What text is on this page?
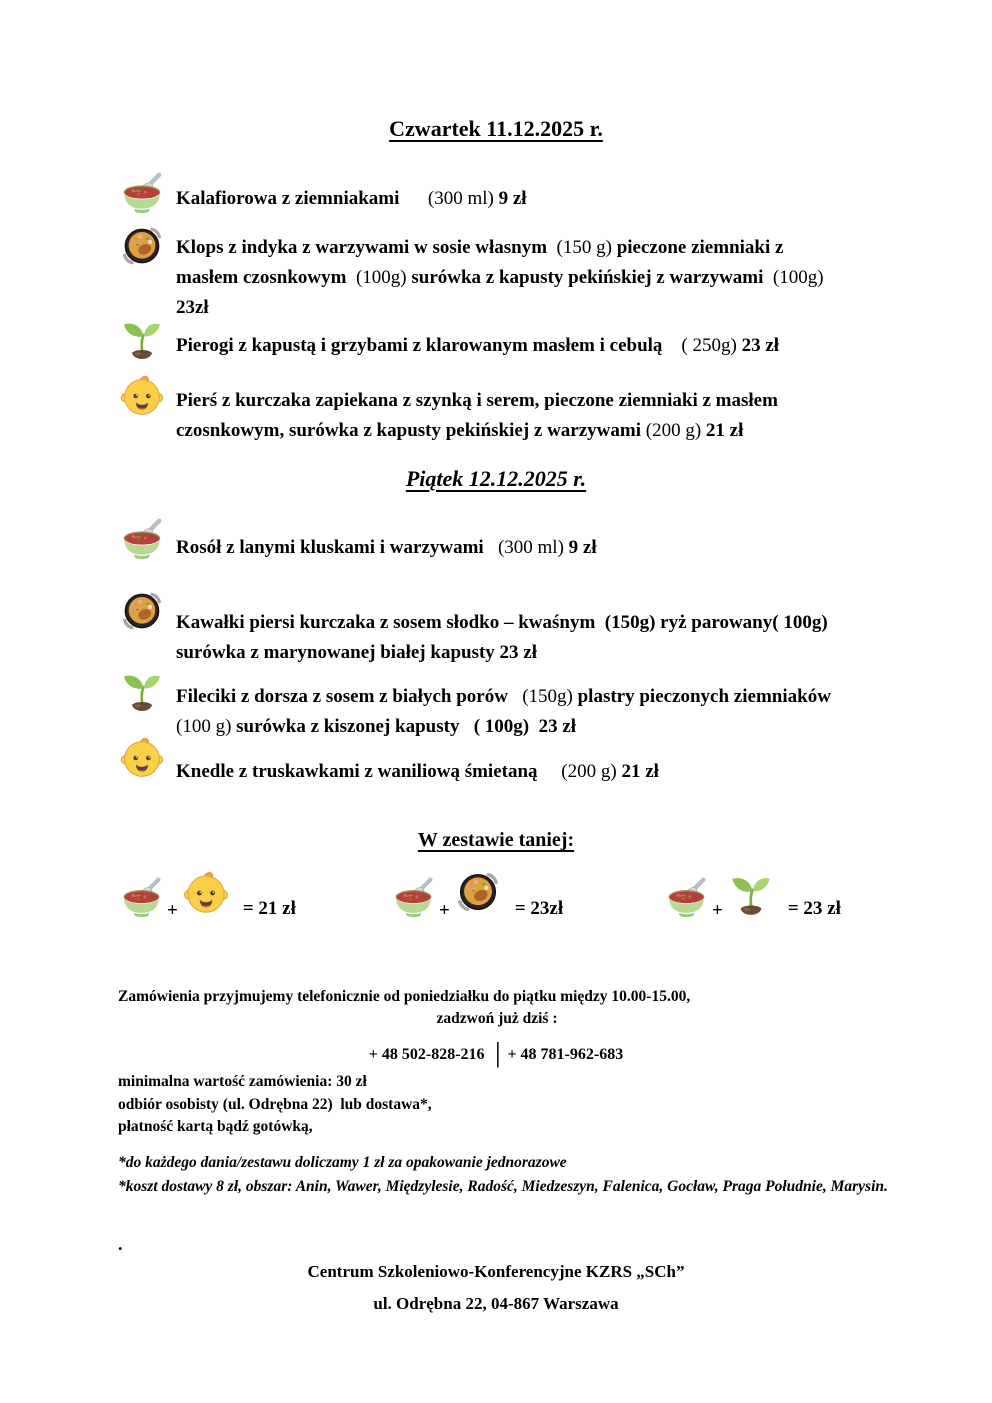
Czwartek 11.12.2025 r.
Kalafiorowa z ziemniakami      (300 ml) 9 zł
Klops z indyka z warzywami w sosie własnym  (150 g) pieczone ziemniaki z
masłem czosnkowym  (100g) surówka z kapusty pekińskiej z warzywami  (100g)
23zł
Pierogi z kapustą i grzybami z klarowanym masłem i cebulą    ( 250g) 23 zł
Pierś z kurczaka zapiekana z szynką i serem, pieczone ziemniaki z masłem
czosnkowym, surówka z kapusty pekińskiej z warzywami (200 g) 21 zł
Piątek 12.12.2025 r.
Rosół z lanymi kluskami i warzywami   (300 ml) 9 zł
Kawałki piersi kurczaka z sosem słodko – kwaśnym  (150g) ryż parowany( 100g)
surówka z marynowanej białej kapusty 23 zł
Fileciki z dorsza z sosem z białych porów   (150g) plastry pieczonych ziemniaków
(100 g) surówka z kiszonej kapusty   ( 100g)  23 zł
Knedle z truskawkami z waniliową śmietaną     (200 g) 21 zł
+	= 21 zł	+	= 23zł	+	= 23 zł
W zestawie taniej:
Zamówienia przyjmujemy telefonicznie od poniedziałku do piątku między 10.00-15.00,
zadzwoń już dziś :
+ 48 502-828-216 │ + 48 781-962-683
minimalna wartość zamówienia: 30 zł
odbiór osobisty (ul. Odrębna 22)  lub dostawa*,
płatność kartą bądź gotówką,
*do każdego dania/zestawu doliczamy 1 zł za opakowanie jednorazowe
*koszt dostawy 8 zł, obszar: Anin, Wawer, Międzylesie, Radość, Miedzeszyn, Falenica, Gocław, Praga Południe, Marysin.
.
Centrum Szkoleniowo-Konferencyjne KZRS „SCh”
ul. Odrębna 22, 04-867 Warszawa
